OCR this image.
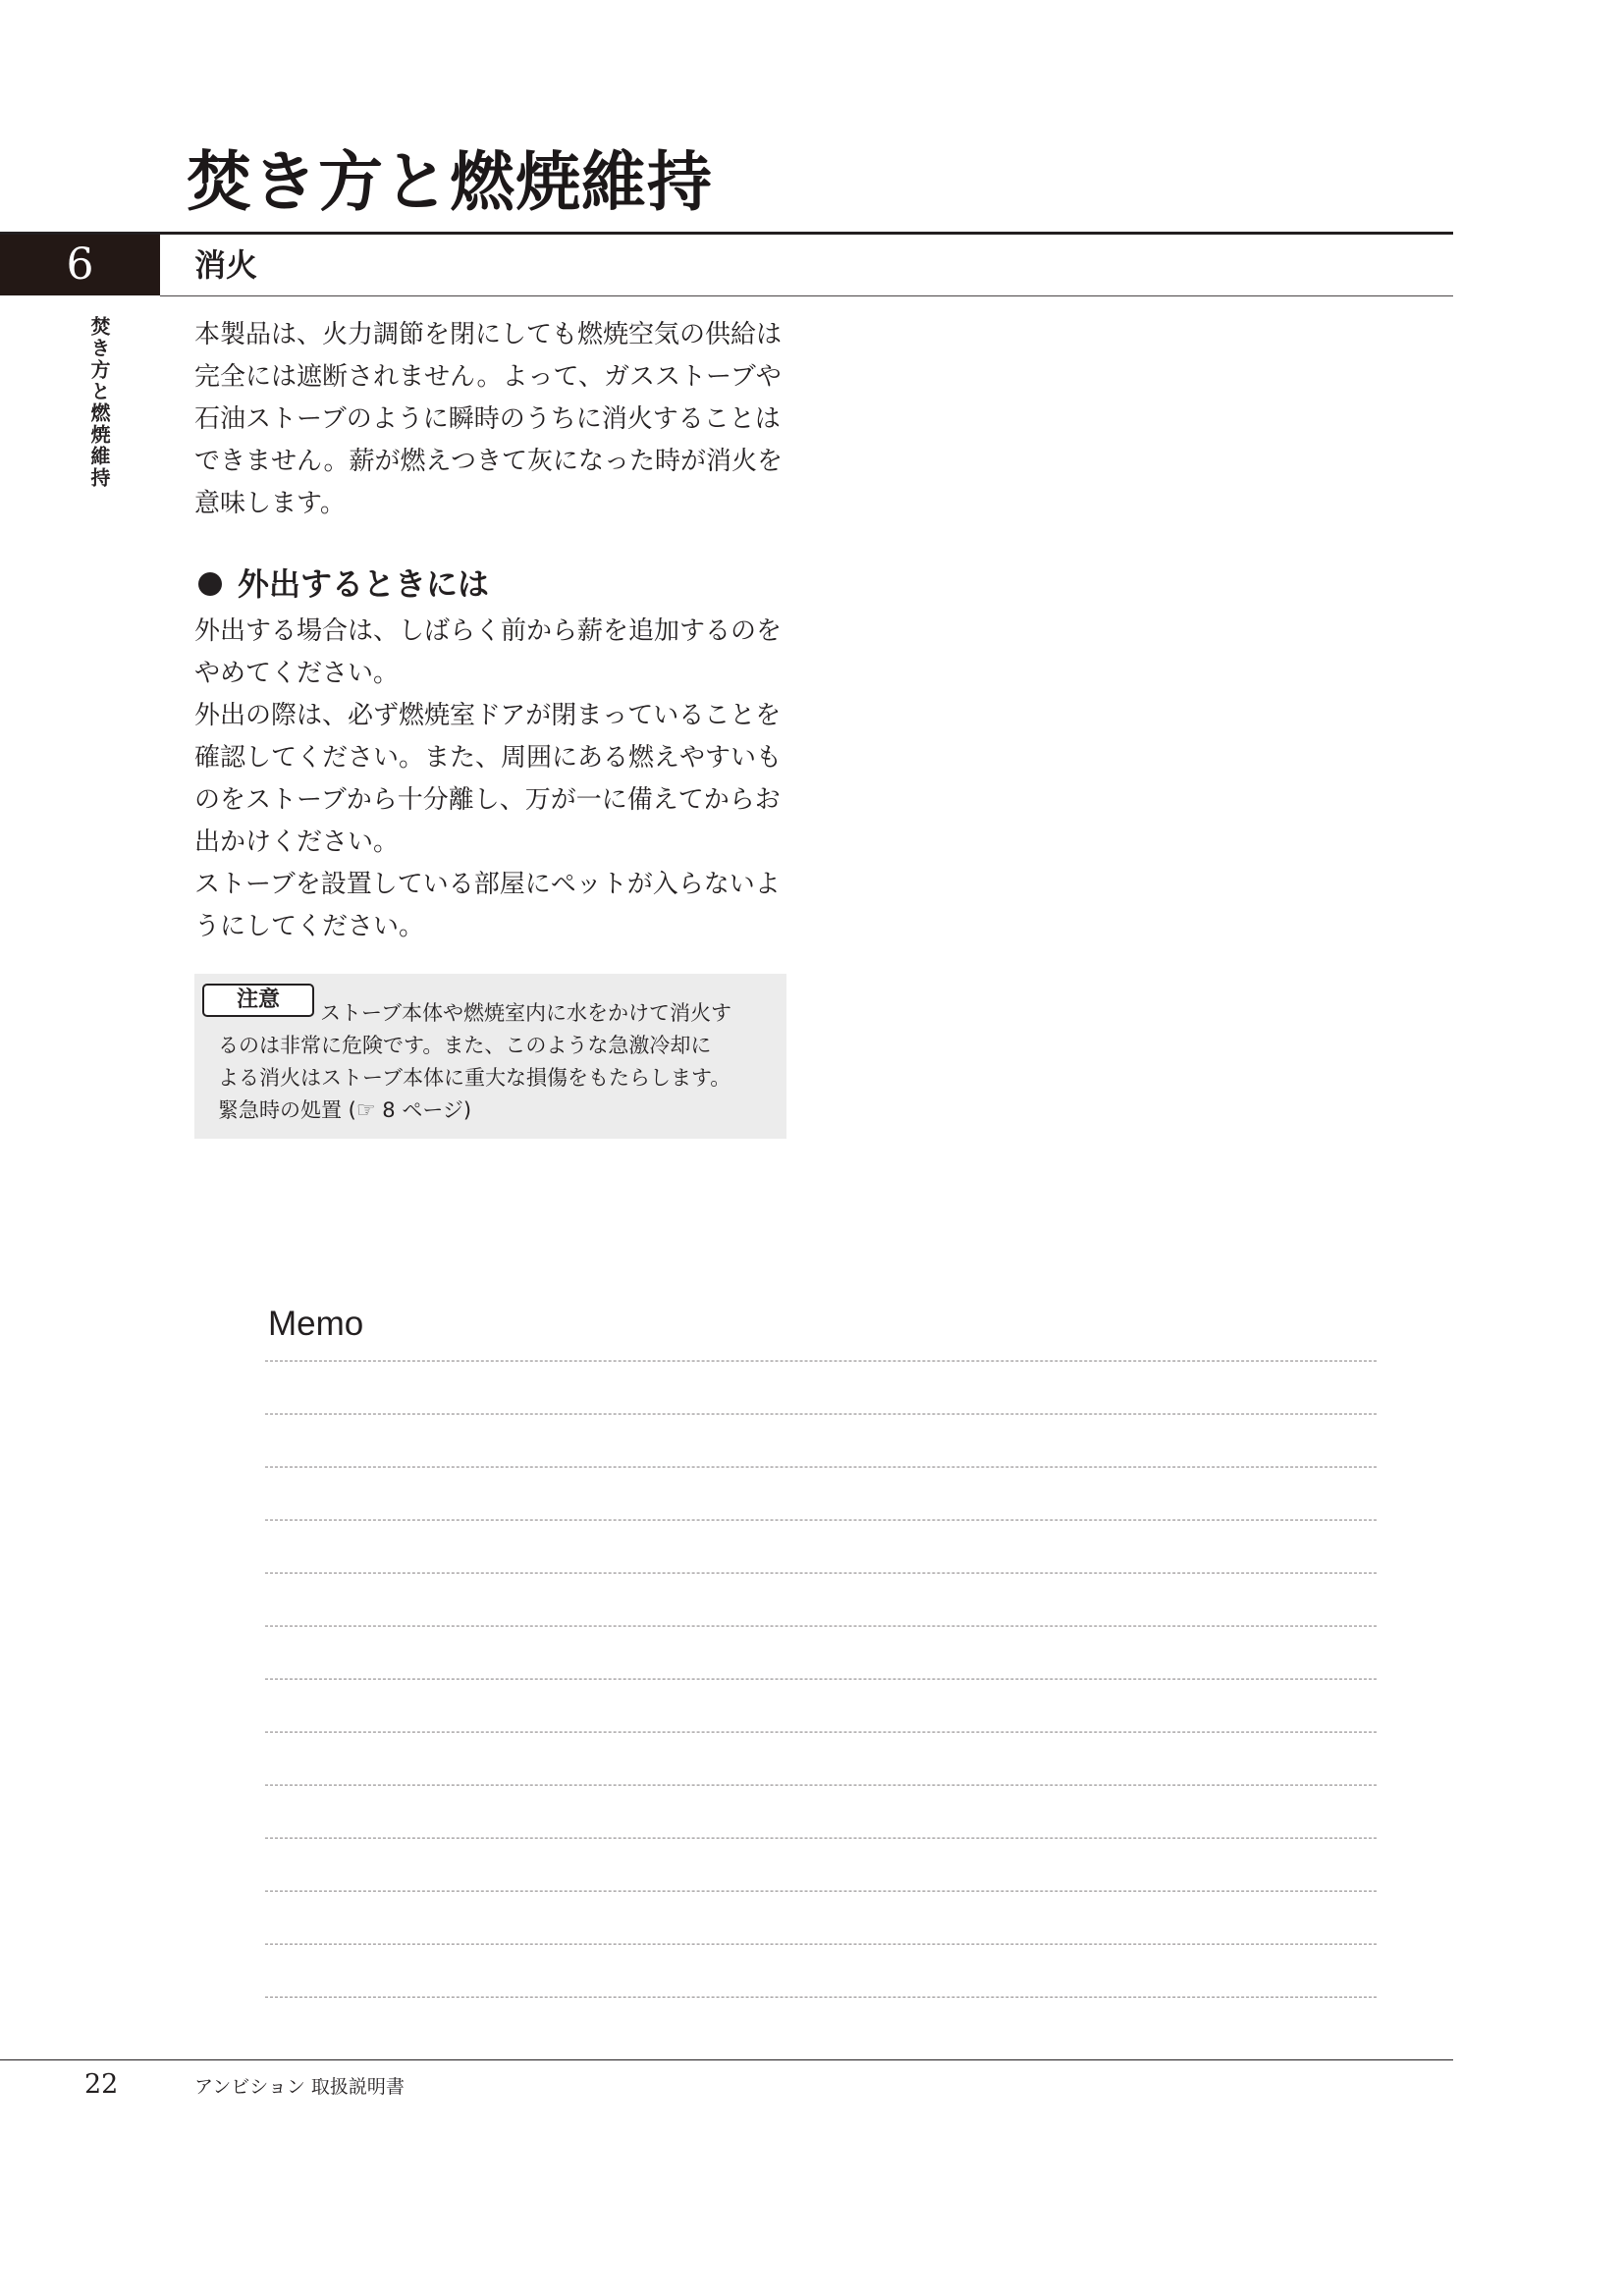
焚き方と燃焼維持
6	消火
焚き方と燃焼維持	本製品は、火力調節を閉にしても燃焼空気の供給は
完全には遮断されません。よって、ガスストーブや
石油ストーブのように瞬時のうちに消火することは
できません。薪が燃えつきて灰になった時が消火を
意味します。

外出するときには

外出する場合は、しばらく前から薪を追加するのを
やめてください。
外出の際は、必ず燃焼室ドアが閉まっていることを
確認してください。また、周囲にある燃えやすいも
のをストーブから十分離し、万が一に備えてからお
出かけください。
ストーブを設置している部屋にペットが入らないよ
うにしてください。

ストーブ本体や燃焼室内に水をかけて消火す
るのは非常に危険です。また、このような急激冷却に
よる消火はストーブ本体に重大な損傷をもたらします。
緊急時の処置 (☞ 8 ページ)

注意
Memo
22	アンビション 取扱説明書
